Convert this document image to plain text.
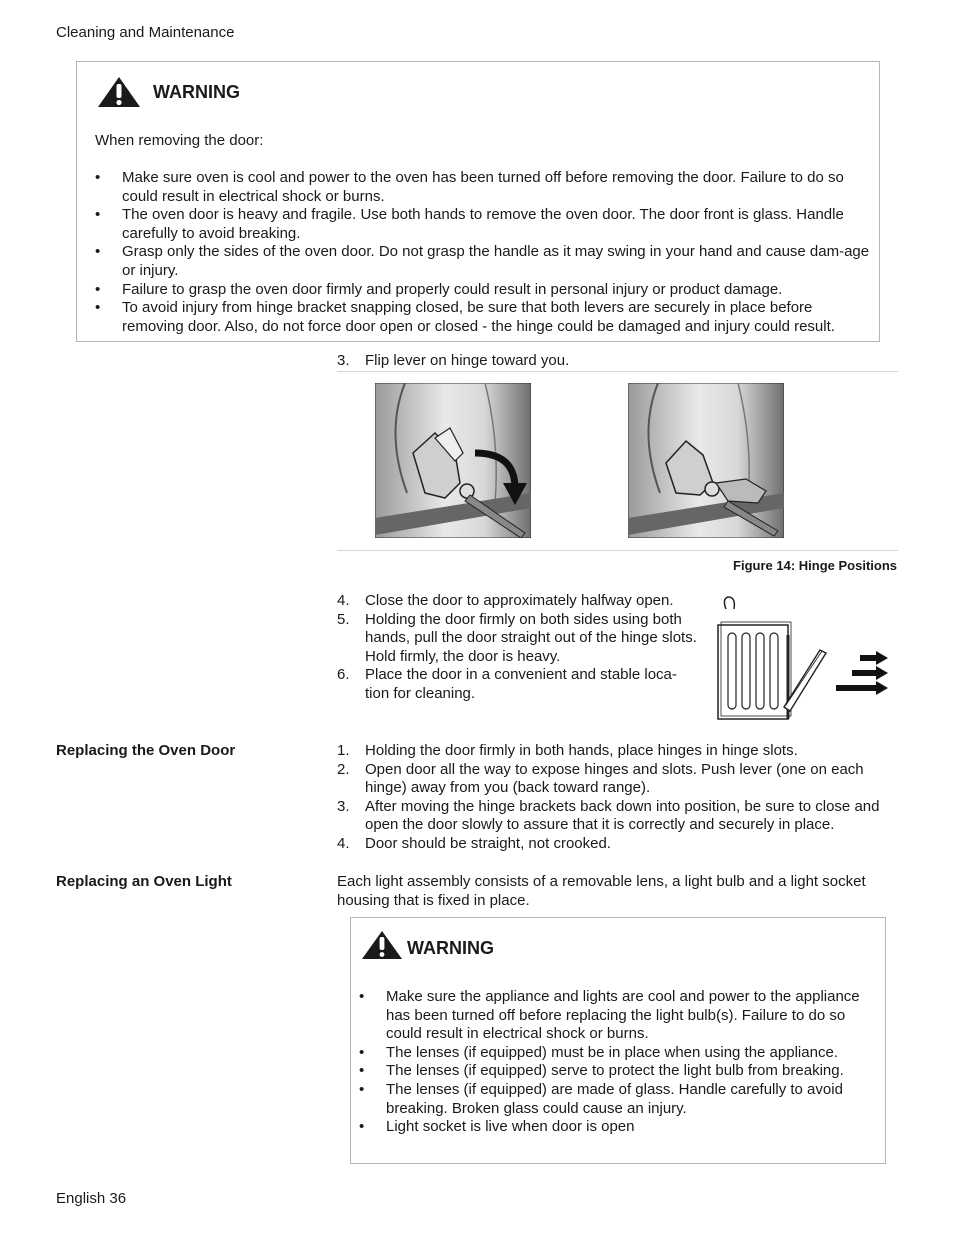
Cleaning and Maintenance
WARNING
When removing the door:
• Make sure oven is cool and power to the oven has been turned off before removing the door. Failure to do so could result in electrical shock or burns.
• The oven door is heavy and fragile. Use both hands to remove the oven door. The door front is glass. Handle carefully to avoid breaking.
• Grasp only the sides of the oven door. Do not grasp the handle as it may swing in your hand and cause dam-age or injury.
• Failure to grasp the oven door firmly and properly could result in personal injury or product damage.
• To avoid injury from hinge bracket snapping closed, be sure that both levers are securely in place before removing door. Also, do not force door open or closed - the hinge could be damaged and injury could result.
3. Flip lever on hinge toward you.
Figure 14: Hinge Positions
4. Close the door to approximately halfway open.
5. Holding the door firmly on both sides using both hands, pull the door straight out of the hinge slots. Hold firmly, the door is heavy.
6. Place the door in a convenient and stable loca-tion for cleaning.
Replacing the Oven Door	1. Holding the door firmly in both hands, place hinges in hinge slots.
2. Open door all the way to expose hinges and slots. Push lever (one on each hinge) away from you (back toward range).
3. After moving the hinge brackets back down into position, be sure to close and open the door slowly to assure that it is correctly and securely in place.
4. Door should be straight, not crooked.
Replacing an Oven Light	Each light assembly consists of a removable lens, a light bulb and a light socket housing that is fixed in place.
WARNING
• Make sure the appliance and lights are cool and power to the appliance has been turned off before replacing the light bulb(s). Failure to do so could result in electrical shock or burns.
• The lenses (if equipped) must be in place when using the appliance.
• The lenses (if equipped) serve to protect the light bulb from breaking.
• The lenses (if equipped) are made of glass. Handle carefully to avoid breaking. Broken glass could cause an injury.
• Light socket is live when door is open
English 36
